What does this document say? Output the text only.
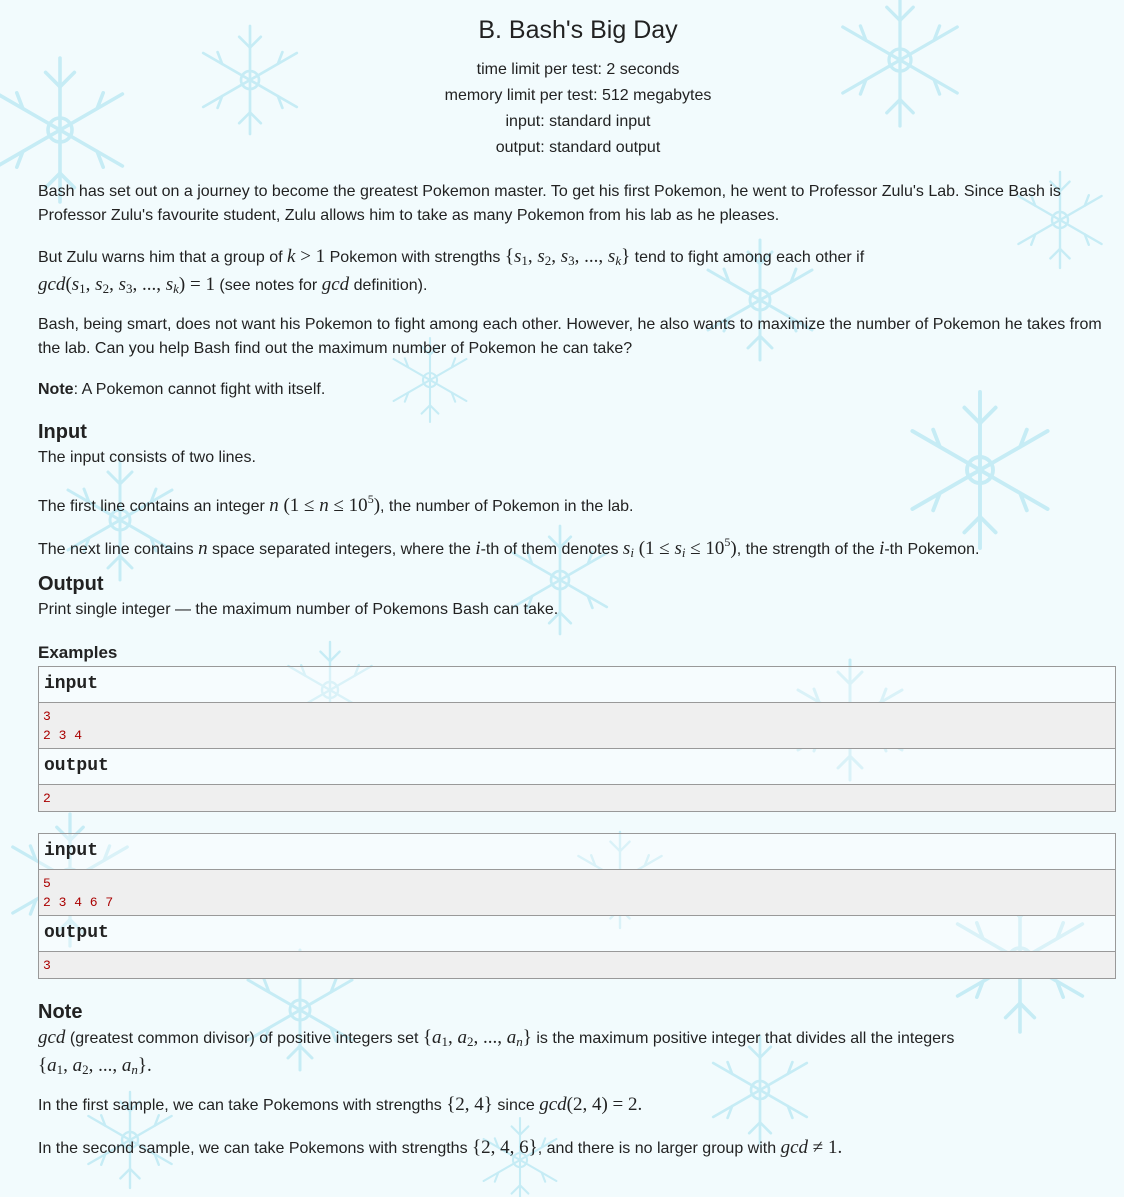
B. Bash's Big Day
time limit per test: 2 seconds
memory limit per test: 512 megabytes
input: standard input
output: standard output

Bash has set out on a journey to become the greatest Pokemon master. To get his first Pokemon, he went to Professor Zulu's Lab. Since Bash is Professor Zulu's favourite student, Zulu allows him to take as many Pokemon from his lab as he pleases.

But Zulu warns him that a group of k > 1 Pokemon with strengths {$s_1$, $s_2$, $s_3$, ..., $s_k$} tend to fight among each other if
$\gcd(s_1$, $s_2$, $s_3$, ..., $s_k) = 1$ (see notes for gcd definition).

Bash, being smart, does not want his Pokemon to fight among each other. However, he also wants to maximize the number of Pokemon he takes from the lab. Can you help Bash find out the maximum number of Pokemon he can take?

Note: A Pokemon cannot fight with itself.

Input

The input consists of two lines.

The first line contains an integer n $(1 \le n \le 10^5)$, the number of Pokemon in the lab.

The next line contains n space separated integers, where the i-th of them denotes $s_i$ $(1 \le s_i \le 10^5)$, the strength of the i-th Pokemon.

Output

Print single integer — the maximum number of Pokemons Bash can take.

Examples
input
3
2 3 4
output
2
input
5
2 3 4 6 7
output
3
Note

gcd (greatest common divisor) of positive integers set {$a_1$, $a_2$, ..., $a_n$} is the maximum positive integer that divides all the integers
{$a_1$, $a_2$, ..., $a_n$}.

In the first sample, we can take Pokemons with strengths {2, 4} since gcd(2, 4) = 2.

In the second sample, we can take Pokemons with strengths {2, 4, 6}, and there is no larger group with gcd ≠ 1.
